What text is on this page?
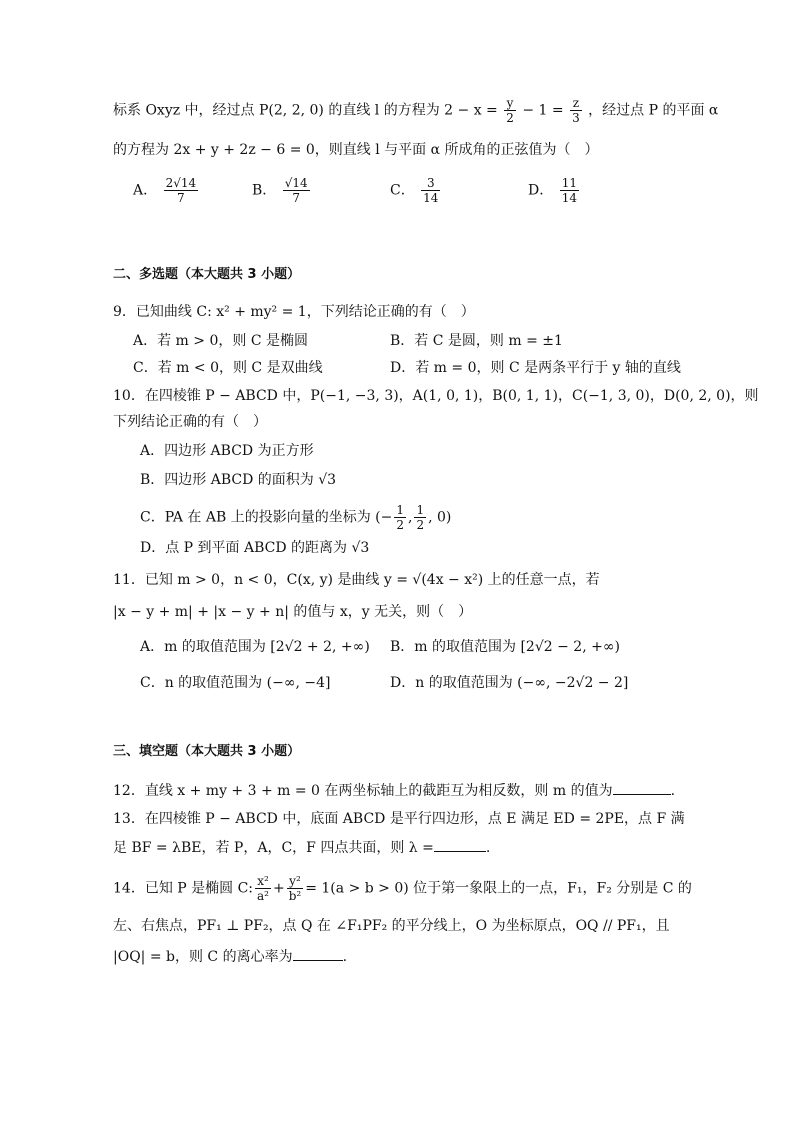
标系 Oxyz 中，经过点 P(2, 2, 0) 的直线 l 的方程为 $2 - x = \frac{y}{2} - 1 = \frac{z}{3}$ ，经过点 P 的平面 α
的方程为 2x + y + 2z − 6 = 0，则直线 l 与平面 α 所成角的正弦值为（　）
A． $\frac{2√14}{7}$	B． $\frac{√14}{7}$	C． $\frac{3}{14}$	D． $\frac{11}{14}$
二、多选题（本大题共 3 小题）
9．已知曲线 C: x² + my² = 1，下列结论正确的有（　）
A．若 m > 0，则 C 是椭圆	B．若 C 是圆，则 m = ±1
C．若 m < 0，则 C 是双曲线	D．若 m = 0，则 C 是两条平行于 y 轴的直线
10．在四棱锥 P − ABCD 中，P(−1, −3, 3)，A(1, 0, 1)，B(0, 1, 1)，C(−1, 3, 0)，D(0, 2, 0)，则
下列结论正确的有（　）
A．四边形 ABCD 为正方形
B．四边形 ABCD 的面积为 √3
C．PA 在 AB 上的投影向量的坐标为 (− $\frac{1}{2}$ , $\frac{1}{2}$ , 0)
D．点 P 到平面 ABCD 的距离为 √3
11．已知 m > 0，n < 0，C(x, y) 是曲线 y = √(4x − x²) 上的任意一点，若
|x − y + m| + |x − y + n| 的值与 x，y 无关，则（　）
A．m 的取值范围为 [2√2 + 2, +∞) B．m 的取值范围为 [2√2 − 2, +∞)
C．n 的取值范围为 (−∞, −4]	D．n 的取值范围为 (−∞, −2√2 − 2]
三、填空题（本大题共 3 小题）
12．直线 x + my + 3 + m = 0 在两坐标轴上的截距互为相反数，则 m 的值为	.
13．在四棱锥 P − ABCD 中，底面 ABCD 是平行四边形，点 E 满足 ED = 2PE，点 F 满
足 BF = λBE，若 P，A，C，F 四点共面，则 λ =	.
14．已知 P 是椭圆 C: $\frac{\text{x²}}{\text{a²}} + \frac{\text{y²}}{\text{b²}} = 1(a > b > 0)$ 位于第一象限上的一点，F₁，F₂ 分别是 C 的
左、右焦点，PF₁ ⊥ PF₂，点 Q 在 ∠F₁PF₂ 的平分线上，O 为坐标原点，OQ // PF₁，且
|OQ| = b，则 C 的离心率为	.
